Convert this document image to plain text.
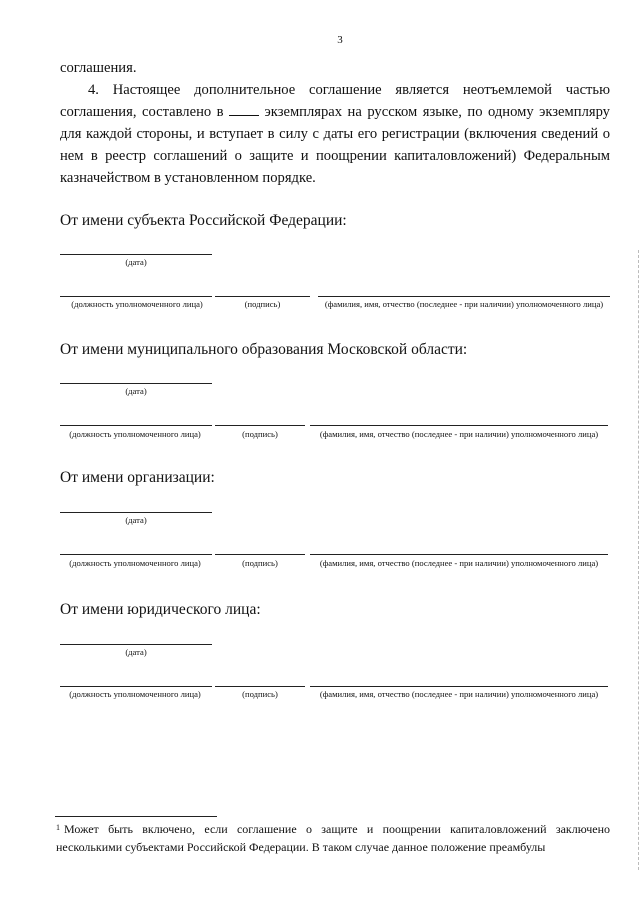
3
соглашения.
4. Настоящее дополнительное соглашение является неотъемлемой частью соглашения, составлено в  экземплярах на русском языке, по одному экземпляру для каждой стороны, и вступает в силу с даты его регистрации (включения сведений о нем в реестр соглашений о защите и поощрении капиталовложений) Федеральным казначейством в установленном порядке.
От имени субъекта Российской Федерации:
(дата)
(должность уполномоченного лица)	(подпись)	(фамилия, имя, отчество (последнее - при наличии) уполномоченного лица)
От имени муниципального образования Московской области:
(дата)
(должность уполномоченного лица)	(подпись)	(фамилия, имя, отчество (последнее - при наличии) уполномоченного лица)
От имени организации:
(дата)
(должность уполномоченного лица)	(подпись)	(фамилия, имя, отчество (последнее - при наличии) уполномоченного лица)
От имени юридического лица:
(дата)
(должность уполномоченного лица)	(подпись)	(фамилия, имя, отчество (последнее - при наличии) уполномоченного лица)
$^1$ Может быть включено, если соглашение о защите и поощрении капиталовложений заключено несколькими субъектами Российской Федерации. В таком случае данное положение преамбулы
